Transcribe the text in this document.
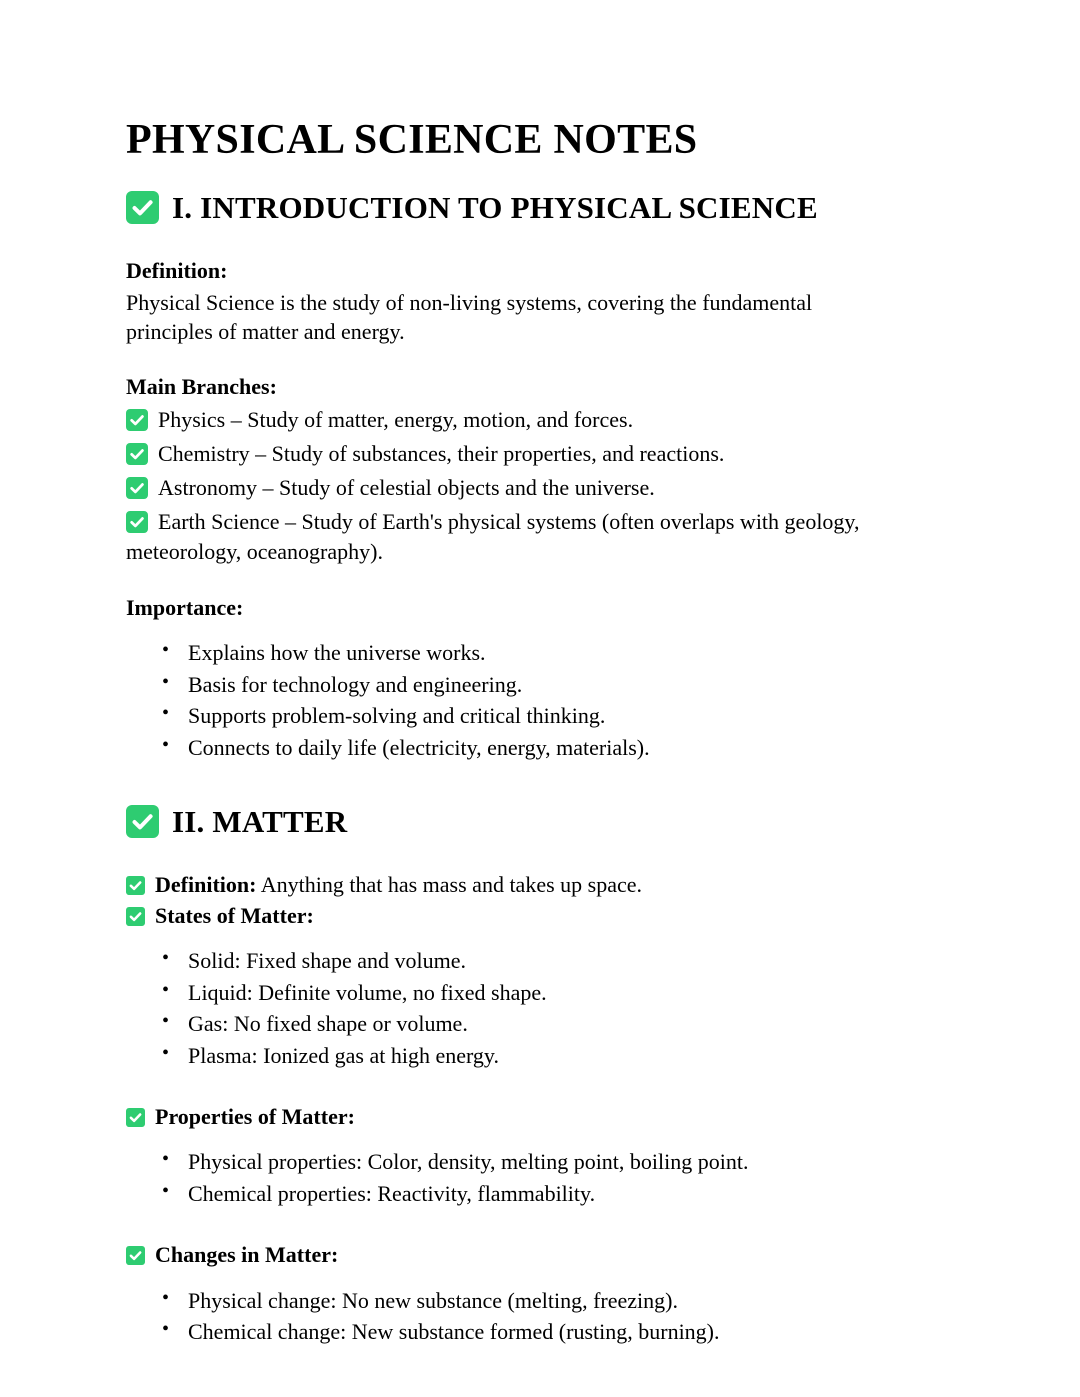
PHYSICAL SCIENCE NOTES
I. INTRODUCTION TO PHYSICAL SCIENCE

Definition:

Physical Science is the study of non-living systems, covering the fundamental principles of matter and energy.

Main Branches:

Physics – Study of matter, energy, motion, and forces.

Chemistry – Study of substances, their properties, and reactions.

Astronomy – Study of celestial objects and the universe.

Earth Science – Study of Earth's physical systems (often overlaps with geology, meteorology, oceanography).

Importance:

• Explains how the universe works.
• Basis for technology and engineering.
• Supports problem-solving and critical thinking.
• Connects to daily life (electricity, energy, materials).
II. MATTER

Definition: Anything that has mass and takes up space.

States of Matter:

• Solid: Fixed shape and volume.
• Liquid: Definite volume, no fixed shape.
• Gas: No fixed shape or volume.
• Plasma: Ionized gas at high energy.

Properties of Matter:

• Physical properties: Color, density, melting point, boiling point.
• Chemical properties: Reactivity, flammability.

Changes in Matter:

• Physical change: No new substance (melting, freezing).
• Chemical change: New substance formed (rusting, burning).
